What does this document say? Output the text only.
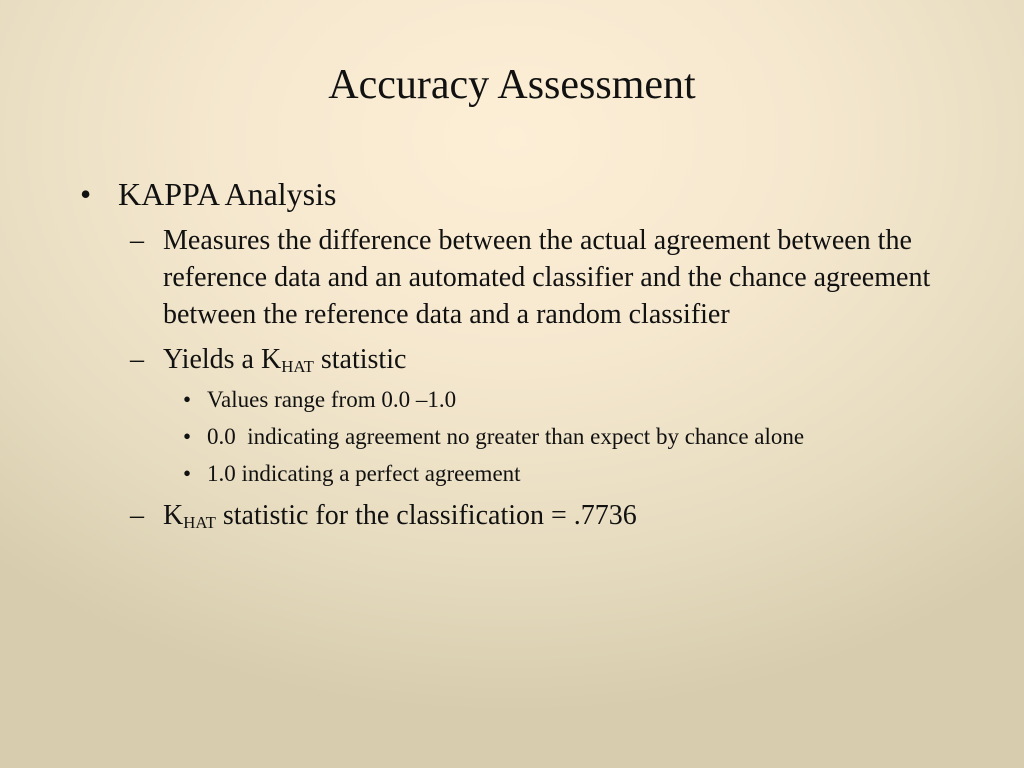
Accuracy Assessment
• KAPPA Analysis
– Measures the difference between the actual agreement between the reference data and an automated classifier and the chance agreement between the reference data and a random classifier
– Yields a $K_{HAT}$ statistic
• Values range from 0.0 –1.0
• 0.0  indicating agreement no greater than expect by chance alone
• 1.0 indicating a perfect agreement
– $K_{HAT}$ statistic for the classification = .7736
